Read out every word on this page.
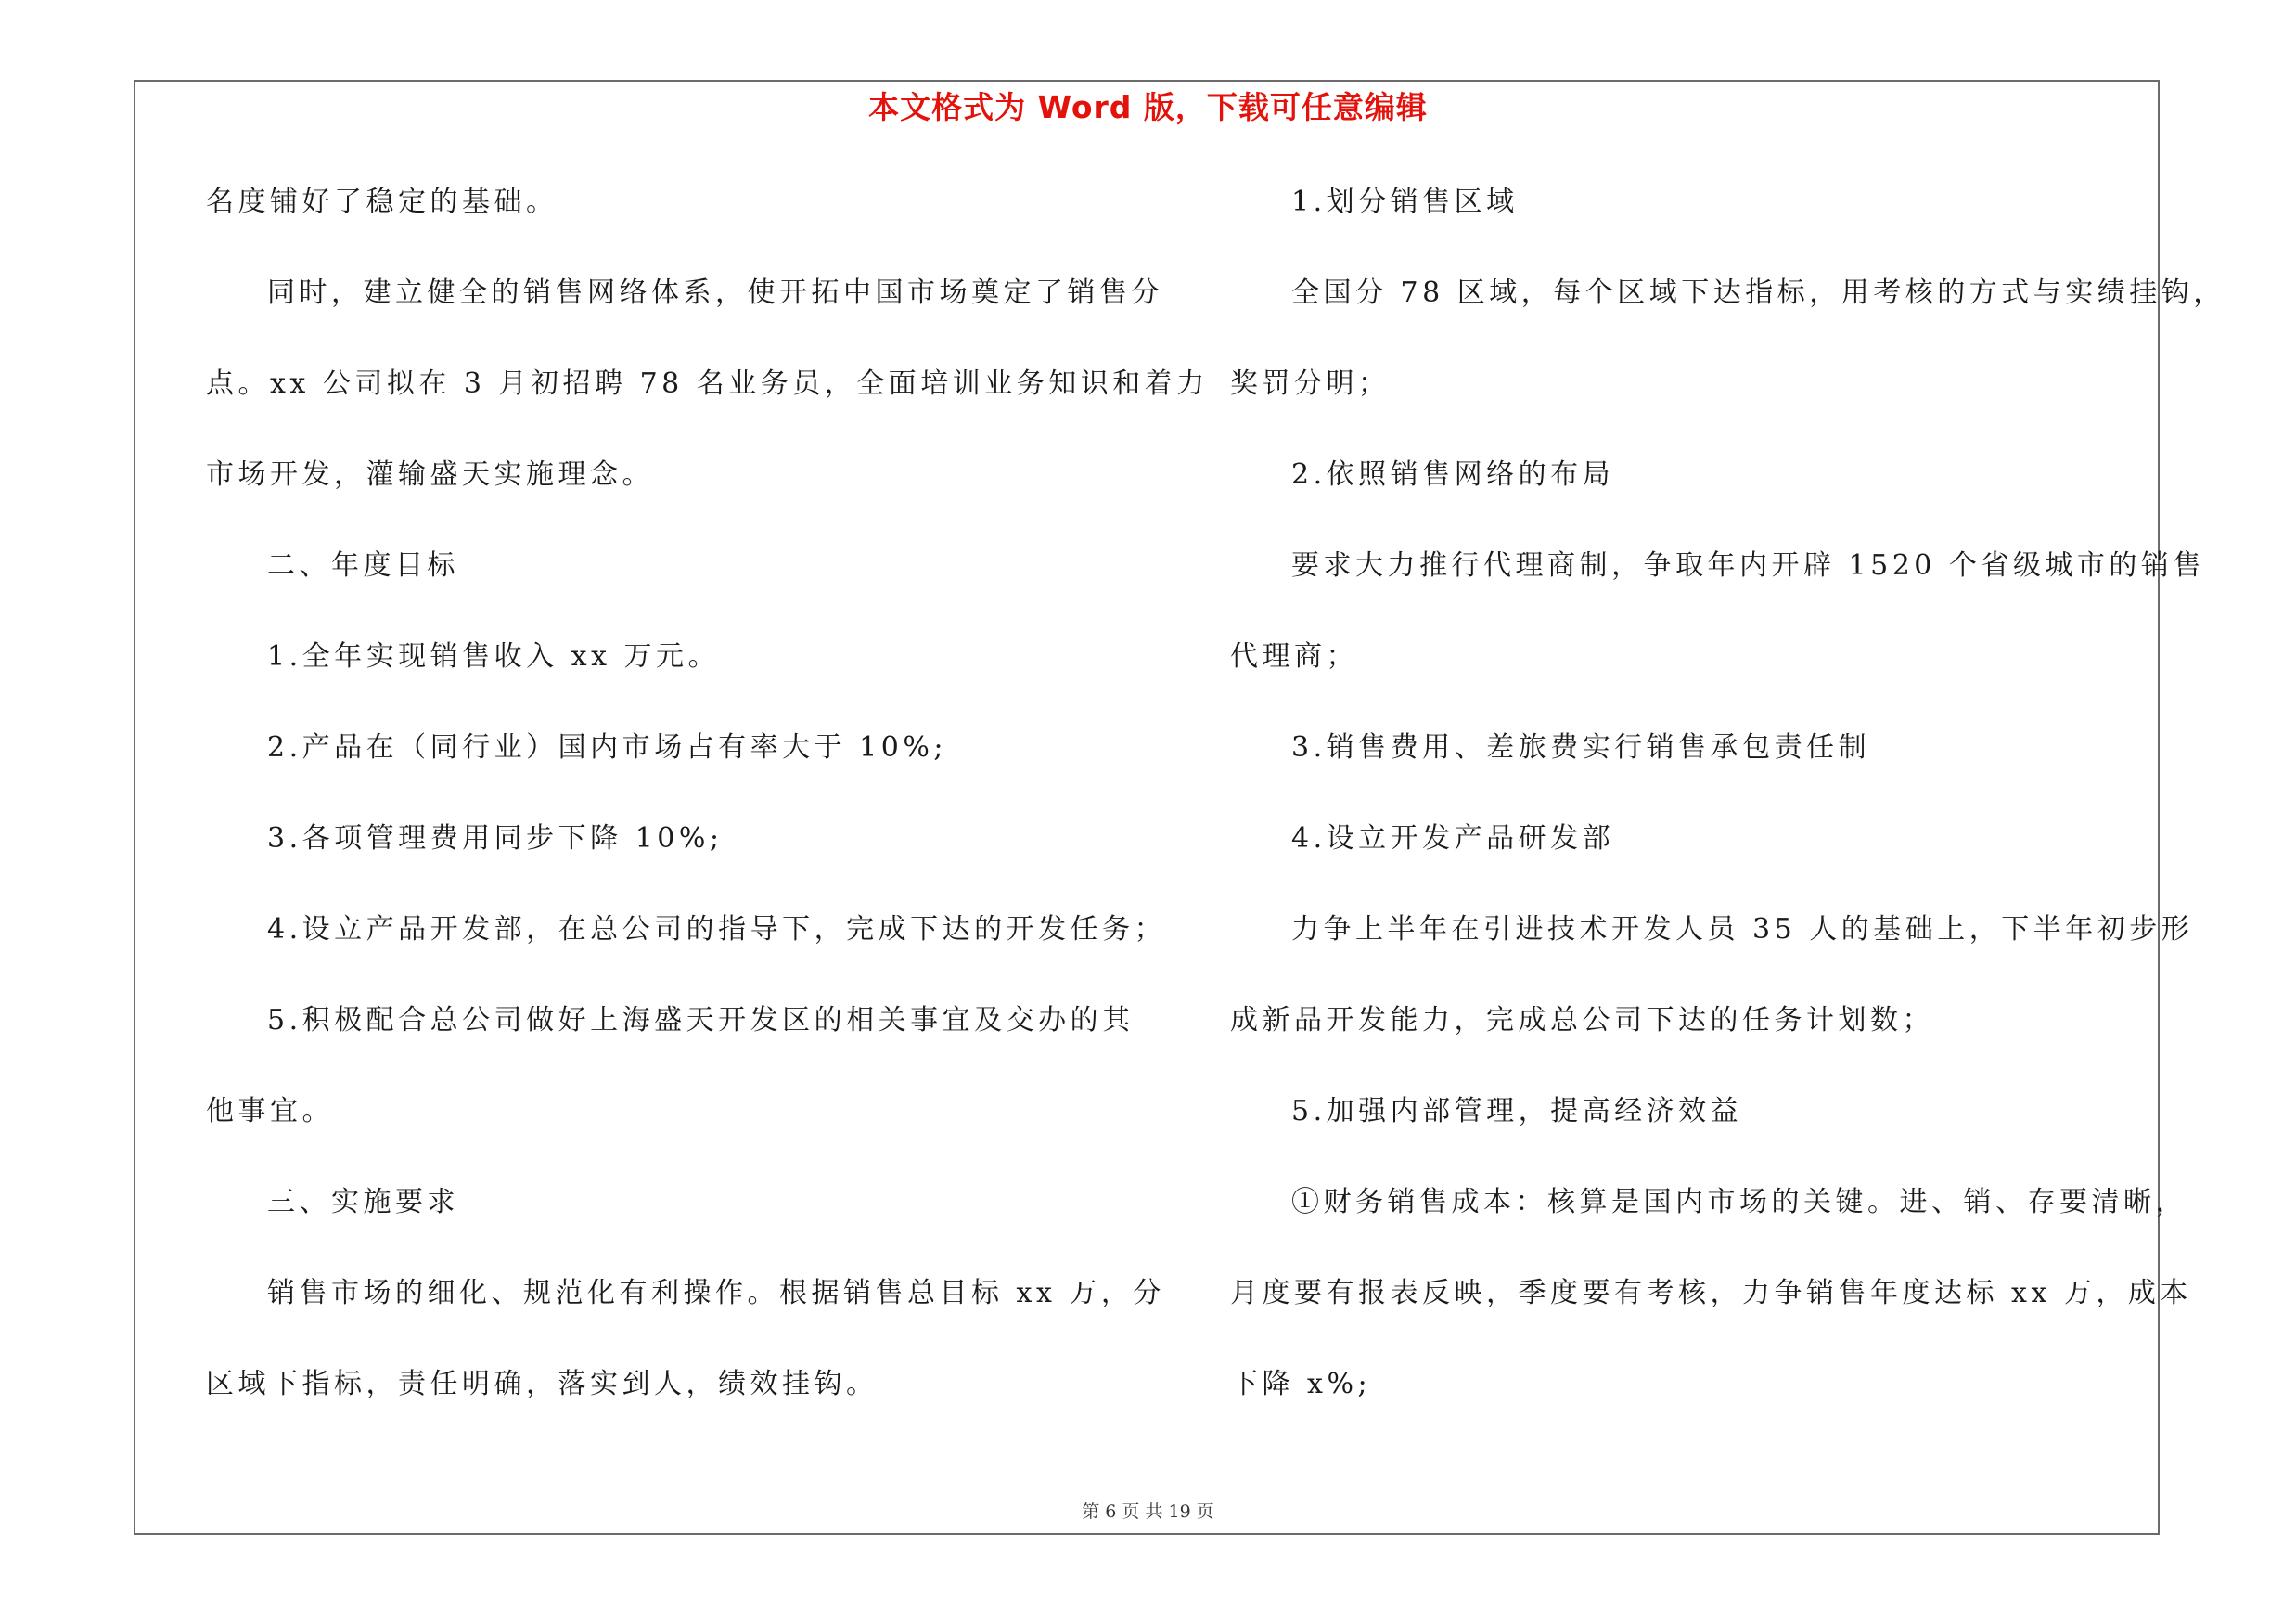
本文格式为 Word 版，下载可任意编辑
名度铺好了稳定的基础。
同时，建立健全的销售网络体系，使开拓中国市场奠定了销售分
点。xx 公司拟在 3 月初招聘 78 名业务员，全面培训业务知识和着力
市场开发，灌输盛天实施理念。
二、年度目标
1.全年实现销售收入 xx 万元。
2.产品在（同行业）国内市场占有率大于 10%;
3.各项管理费用同步下降 10%;
4.设立产品开发部，在总公司的指导下，完成下达的开发任务；
5.积极配合总公司做好上海盛天开发区的相关事宜及交办的其
他事宜。
三、实施要求
销售市场的细化、规范化有利操作。根据销售总目标 xx 万，分
区域下指标，责任明确，落实到人，绩效挂钩。
1.划分销售区域
全国分 78 区域，每个区域下达指标，用考核的方式与实绩挂钩，
奖罚分明；
2.依照销售网络的布局
要求大力推行代理商制，争取年内开辟 1520 个省级城市的销售
代理商；
3.销售费用、差旅费实行销售承包责任制
4.设立开发产品研发部
力争上半年在引进技术开发人员 35 人的基础上，下半年初步形
成新品开发能力，完成总公司下达的任务计划数；
5.加强内部管理，提高经济效益
①财务销售成本：核算是国内市场的关键。进、销、存要清晰，
月度要有报表反映，季度要有考核，力争销售年度达标 xx 万，成本
下降 x%;
第 6 页 共 19 页
